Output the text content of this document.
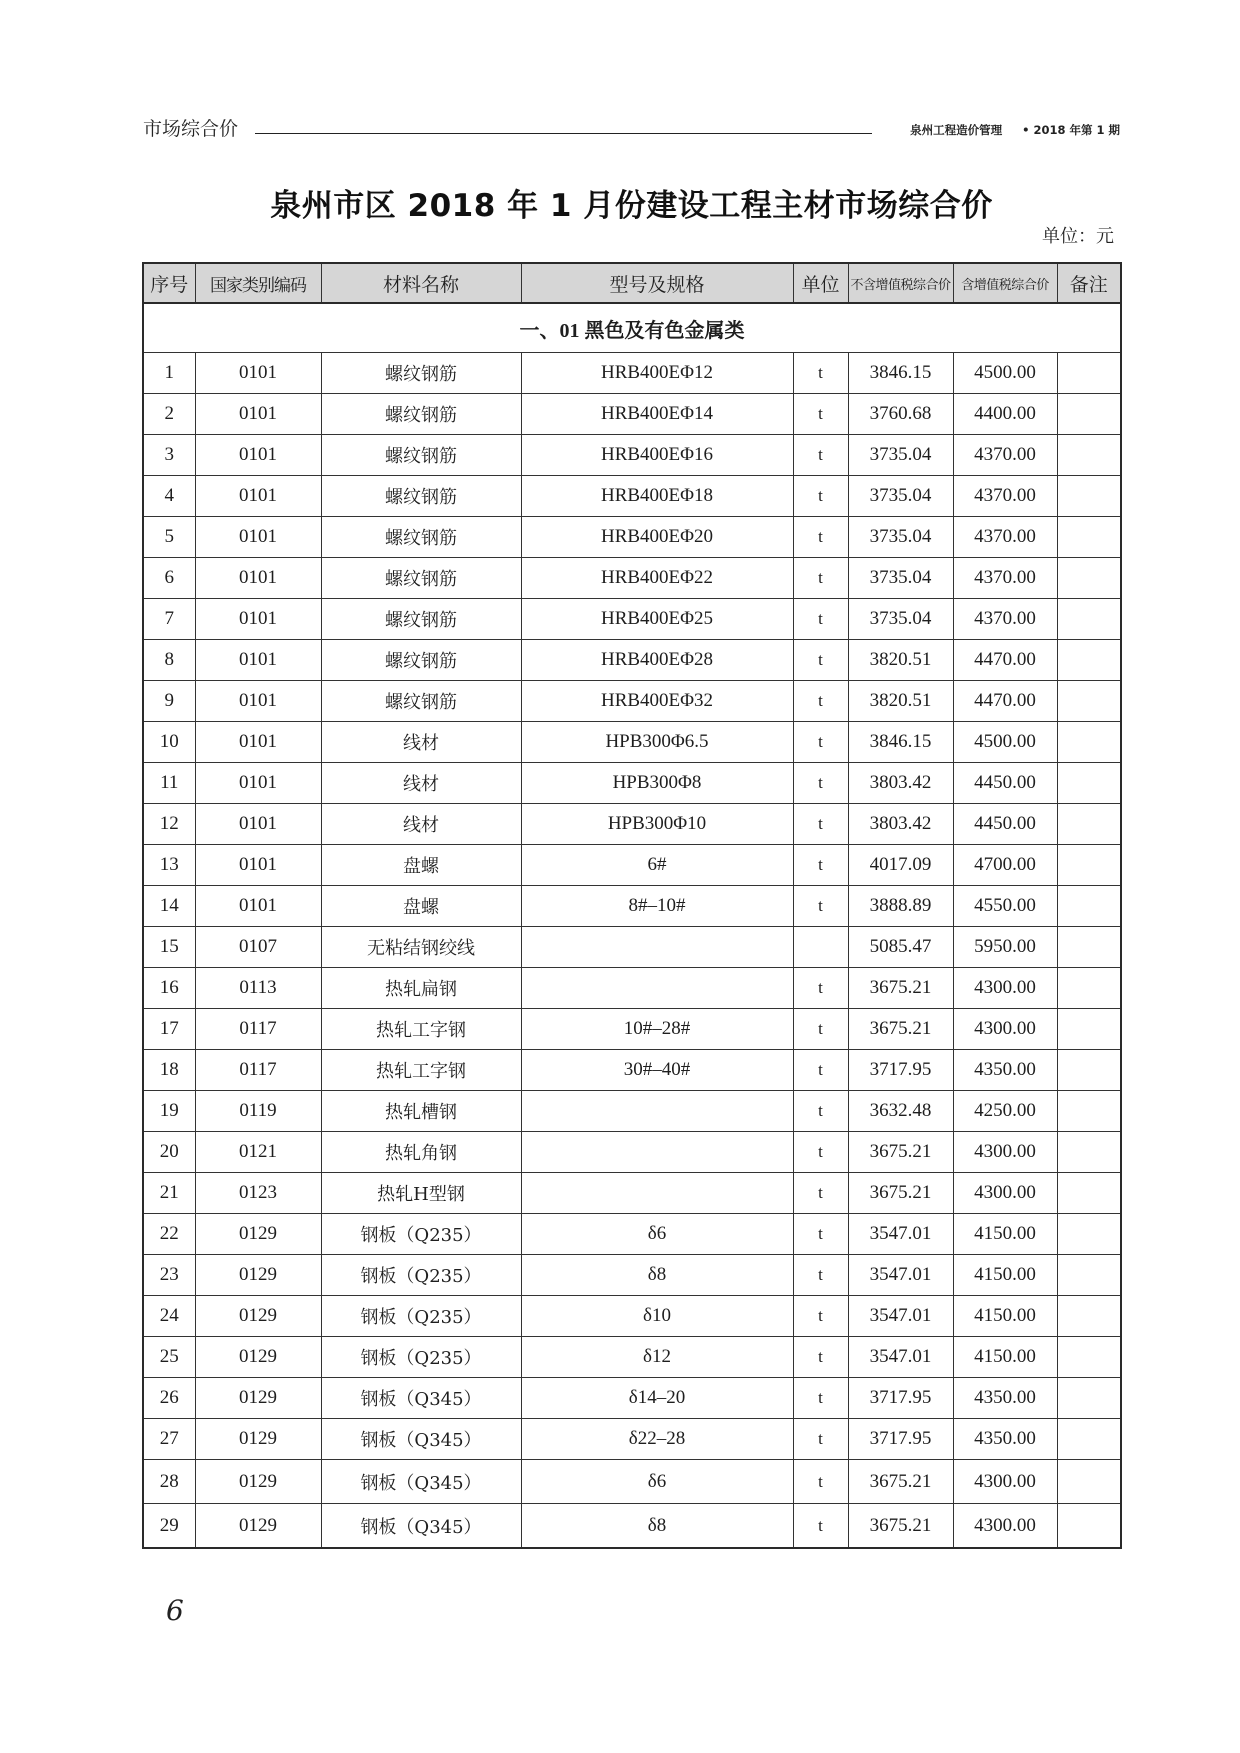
市场综合价	泉州工程造价管理 • 2018 年第 1 期
泉州市区 2018 年 1 月份建设工程主材市场综合价
单位：元
序号	国家类别编码	材料名称	型号及规格	单位	不含增值税综合价	含增值税综合价	备注
一、01 黑色及有色金属类							
1	0101	螺纹钢筋	HRB400EΦ12	t	3846.15	4500.00	
2	0101	螺纹钢筋	HRB400EΦ14	t	3760.68	4400.00	
3	0101	螺纹钢筋	HRB400EΦ16	t	3735.04	4370.00	
4	0101	螺纹钢筋	HRB400EΦ18	t	3735.04	4370.00	
5	0101	螺纹钢筋	HRB400EΦ20	t	3735.04	4370.00	
6	0101	螺纹钢筋	HRB400EΦ22	t	3735.04	4370.00	
7	0101	螺纹钢筋	HRB400EΦ25	t	3735.04	4370.00	
8	0101	螺纹钢筋	HRB400EΦ28	t	3820.51	4470.00	
9	0101	螺纹钢筋	HRB400EΦ32	t	3820.51	4470.00	
10	0101	线材	HPB300Φ6.5	t	3846.15	4500.00	
11	0101	线材	HPB300Φ8	t	3803.42	4450.00	
12	0101	线材	HPB300Φ10	t	3803.42	4450.00	
13	0101	盘螺	6#	t	4017.09	4700.00	
14	0101	盘螺	8#–10#	t	3888.89	4550.00	
15	0107	无粘结钢绞线			5085.47	5950.00	
16	0113	热轧扁钢		t	3675.21	4300.00	
17	0117	热轧工字钢	10#–28#	t	3675.21	4300.00	
18	0117	热轧工字钢	30#–40#	t	3717.95	4350.00	
19	0119	热轧槽钢		t	3632.48	4250.00	
20	0121	热轧角钢		t	3675.21	4300.00	
21	0123	热轧H型钢		t	3675.21	4300.00	
22	0129	钢板（Q235）	δ6	t	3547.01	4150.00	
23	0129	钢板（Q235）	δ8	t	3547.01	4150.00	
24	0129	钢板（Q235）	δ10	t	3547.01	4150.00	
25	0129	钢板（Q235）	δ12	t	3547.01	4150.00	
26	0129	钢板（Q345）	δ14–20	t	3717.95	4350.00	
27	0129	钢板（Q345）	δ22–28	t	3717.95	4350.00	
28	0129	钢板（Q345）	δ6	t	3675.21	4300.00	
29	0129	钢板（Q345）	δ8	t	3675.21	4300.00	
6
